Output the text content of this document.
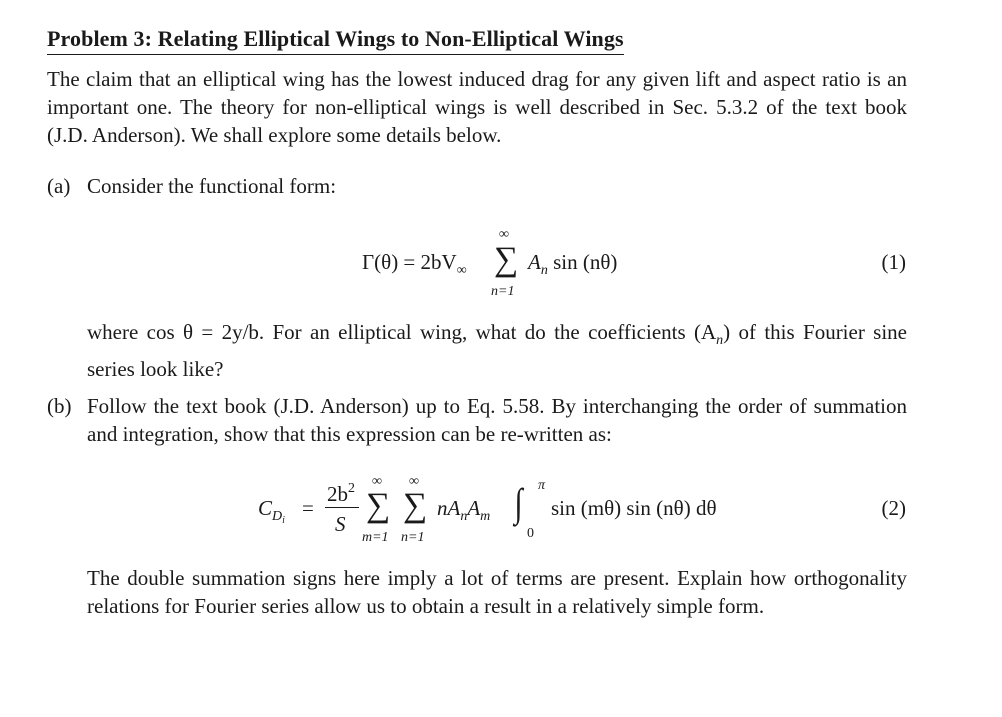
Problem 3: Relating Elliptical Wings to Non-Elliptical Wings
The claim that an elliptical wing has the lowest induced drag for any given lift and aspect ratio is an important one. The theory for non-elliptical wings is well described in Sec. 5.3.2 of the text book (J.D. Anderson). We shall explore some details below.
(a) Consider the functional form:
$\Gamma(\theta) = 2bV_\infty$
∞
∑
n=1
$A_n$ sin (nθ)	(1)
where cos θ = 2y/b. For an elliptical wing, what do the coefficients $(A_n)$ of this Fourier sine series look like?
(b) Follow the text book (J.D. Anderson) up to Eq. 5.58. By interchanging the order of summation and integration, show that this expression can be re-written as:
$C_{Di}$
=
$2b^2$
S
∞
∑
m=1
∞
∑
n=1
$nA_nA_m$
π
∫
0
sin (mθ) sin (nθ) dθ	(2)
The double summation signs here imply a lot of terms are present. Explain how orthogonality relations for Fourier series allow us to obtain a result in a relatively simple form.
